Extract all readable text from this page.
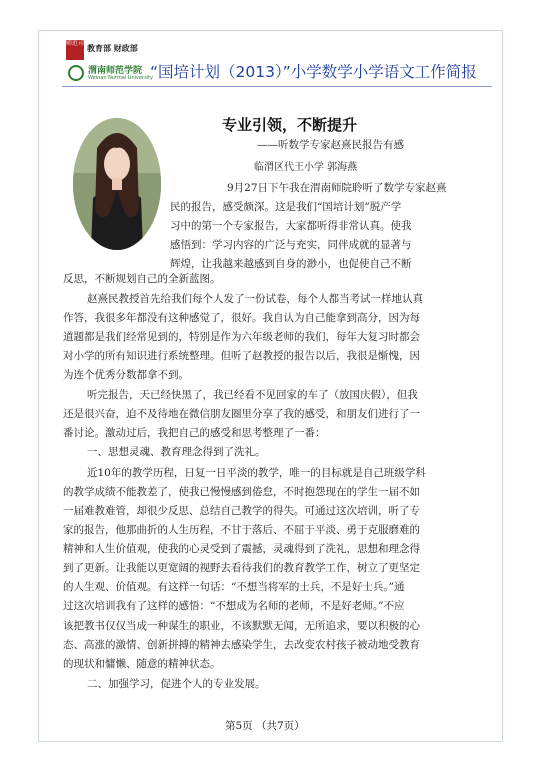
师范司
教育部 财政部
渭南师范学院
Weinan Normal University
“国培计划（2013）”小学数学小学语文工作简报
专业引领，不断提升
——听数学专家赵熹民报告有感
临渭区代王小学 郭海燕
9月27日下午我在渭南师院聆听了数学专家赵熹
民的报告，感受颇深。这是我们“国培计划”脱产学
习中的第一个专家报告，大家都听得非常认真。使我
感悟到：学习内容的广泛与充实，同伴成就的显著与
辉煌，让我越来越感到自身的渺小，也促使自己不断
反思，不断规划自己的全新蓝图。
赵熹民教授首先给我们每个人发了一份试卷，每个人都当考试一样地认真
作答，我很多年都没有这种感觉了，很好。我自认为自己能拿到高分，因为每
道题都是我们经常见到的，特别是作为六年级老师的我们，每年大复习时都会
对小学的所有知识进行系统整理。但听了赵教授的报告以后，我很是惭愧，因
为连个优秀分数都拿不到。
听完报告，天已经快黑了，我已经看不见回家的车了（放国庆假），但我
还是很兴奋，迫不及待地在微信朋友圈里分享了我的感受，和朋友们进行了一
番讨论。激动过后，我把自己的感受和思考整理了一番：
一、思想灵魂、教育理念得到了洗礼。
近10年的教学历程，日复一日平淡的教学，唯一的目标就是自己班级学科
的教学成绩不能教差了，使我已慢慢感到倦怠，不时抱怨现在的学生一届不如
一届难教难管，却很少反思、总结自己教学的得失。可通过这次培训，听了专
家的报告，他那曲折的人生历程，不甘于落后、不屈于平淡、勇于克服磨难的
精神和人生价值观，使我的心灵受到了震撼，灵魂得到了洗礼，思想和理念得
到了更新。让我能以更宽阔的视野去看待我们的教育教学工作，树立了更坚定
的人生观、价值观。有这样一句话：“不想当将军的士兵，不是好士兵。”通
过这次培训我有了这样的感悟：“不想成为名师的老师，不是好老师。”不应
该把教书仅仅当成一种谋生的职业，不该默默无闻，无所追求，要以积极的心
态、高涨的激情、创新拼搏的精神去感染学生，去改变农村孩子被动地受教育
的现状和慵懒、随意的精神状态。
二、加强学习，促进个人的专业发展。
第5页 （共7页）
